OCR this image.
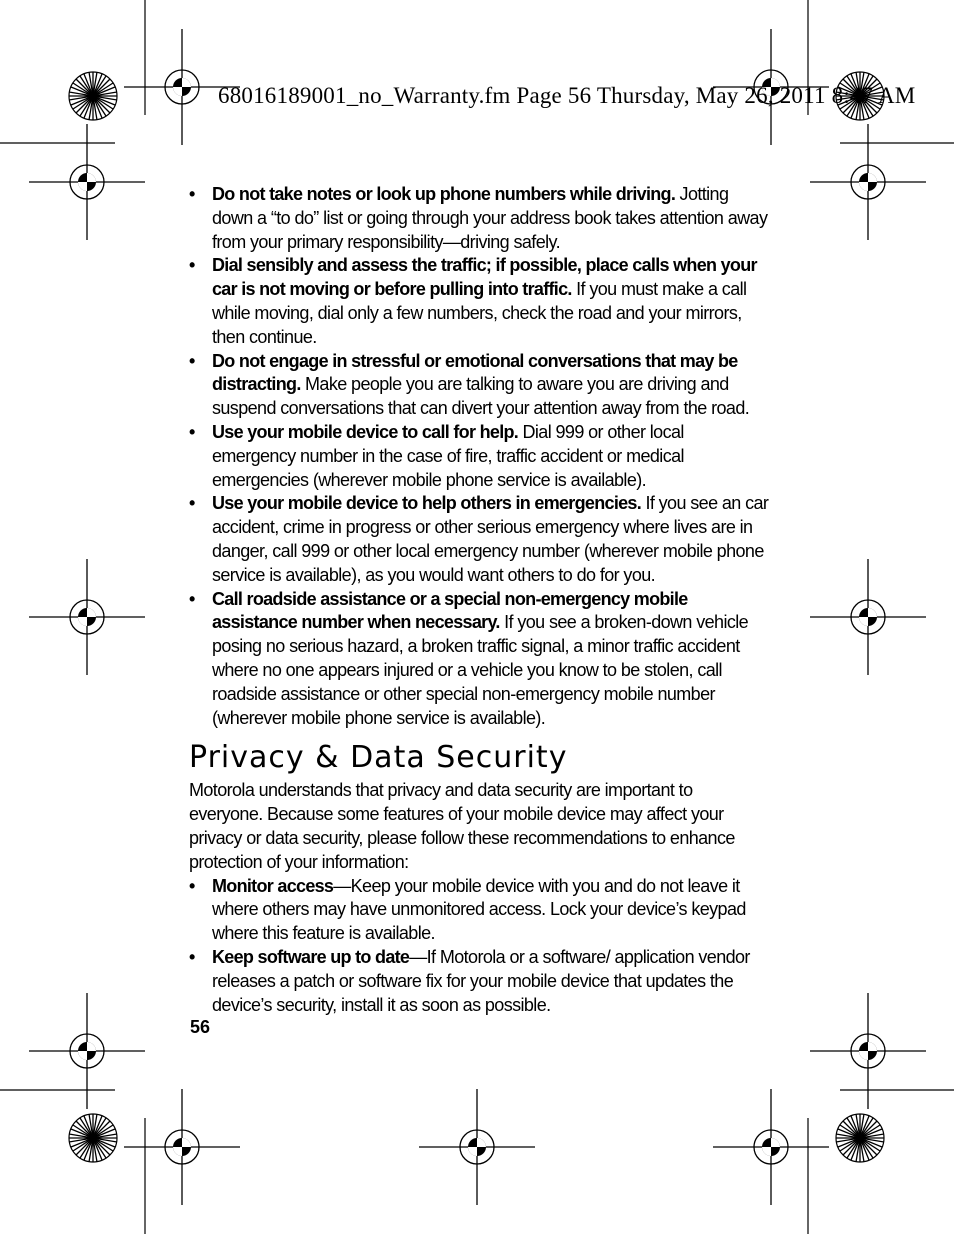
68016189001_no_Warranty.fm Page 56 Thursday, May 26, 2011 8:47 AM
• Do not take notes or look up phone numbers while driving. Jotting down a “to do” list or going through your address book takes attention away from your primary responsibility—driving safely.
• Dial sensibly and assess the traffic; if possible, place calls when your car is not moving or before pulling into traffic. If you must make a call while moving, dial only a few numbers, check the road and your mirrors, then continue.
• Do not engage in stressful or emotional conversations that may be distracting. Make people you are talking to aware you are driving and suspend conversations that can divert your attention away from the road.
• Use your mobile device to call for help. Dial 999 or other local emergency number in the case of fire, traffic accident or medical emergencies (wherever mobile phone service is available).
• Use your mobile device to help others in emergencies. If you see an car accident, crime in progress or other serious emergency where lives are in danger, call 999 or other local emergency number (wherever mobile phone service is available), as you would want others to do for you.
• Call roadside assistance or a special non-emergency mobile assistance number when necessary. If you see a broken-down vehicle posing no serious hazard, a broken traffic signal, a minor traffic accident where no one appears injured or a vehicle you know to be stolen, call roadside assistance or other special non-emergency mobile number (wherever mobile phone service is available).
Privacy & Data Security

Motorola understands that privacy and data security are important to everyone. Because some features of your mobile device may affect your privacy or data security, please follow these recommendations to enhance protection of your information:

• Monitor access—Keep your mobile device with you and do not leave it where others may have unmonitored access. Lock your device’s keypad where this feature is available.
• Keep software up to date—If Motorola or a software/ application vendor releases a patch or software fix for your mobile device that updates the device’s security, install it as soon as possible.
56
